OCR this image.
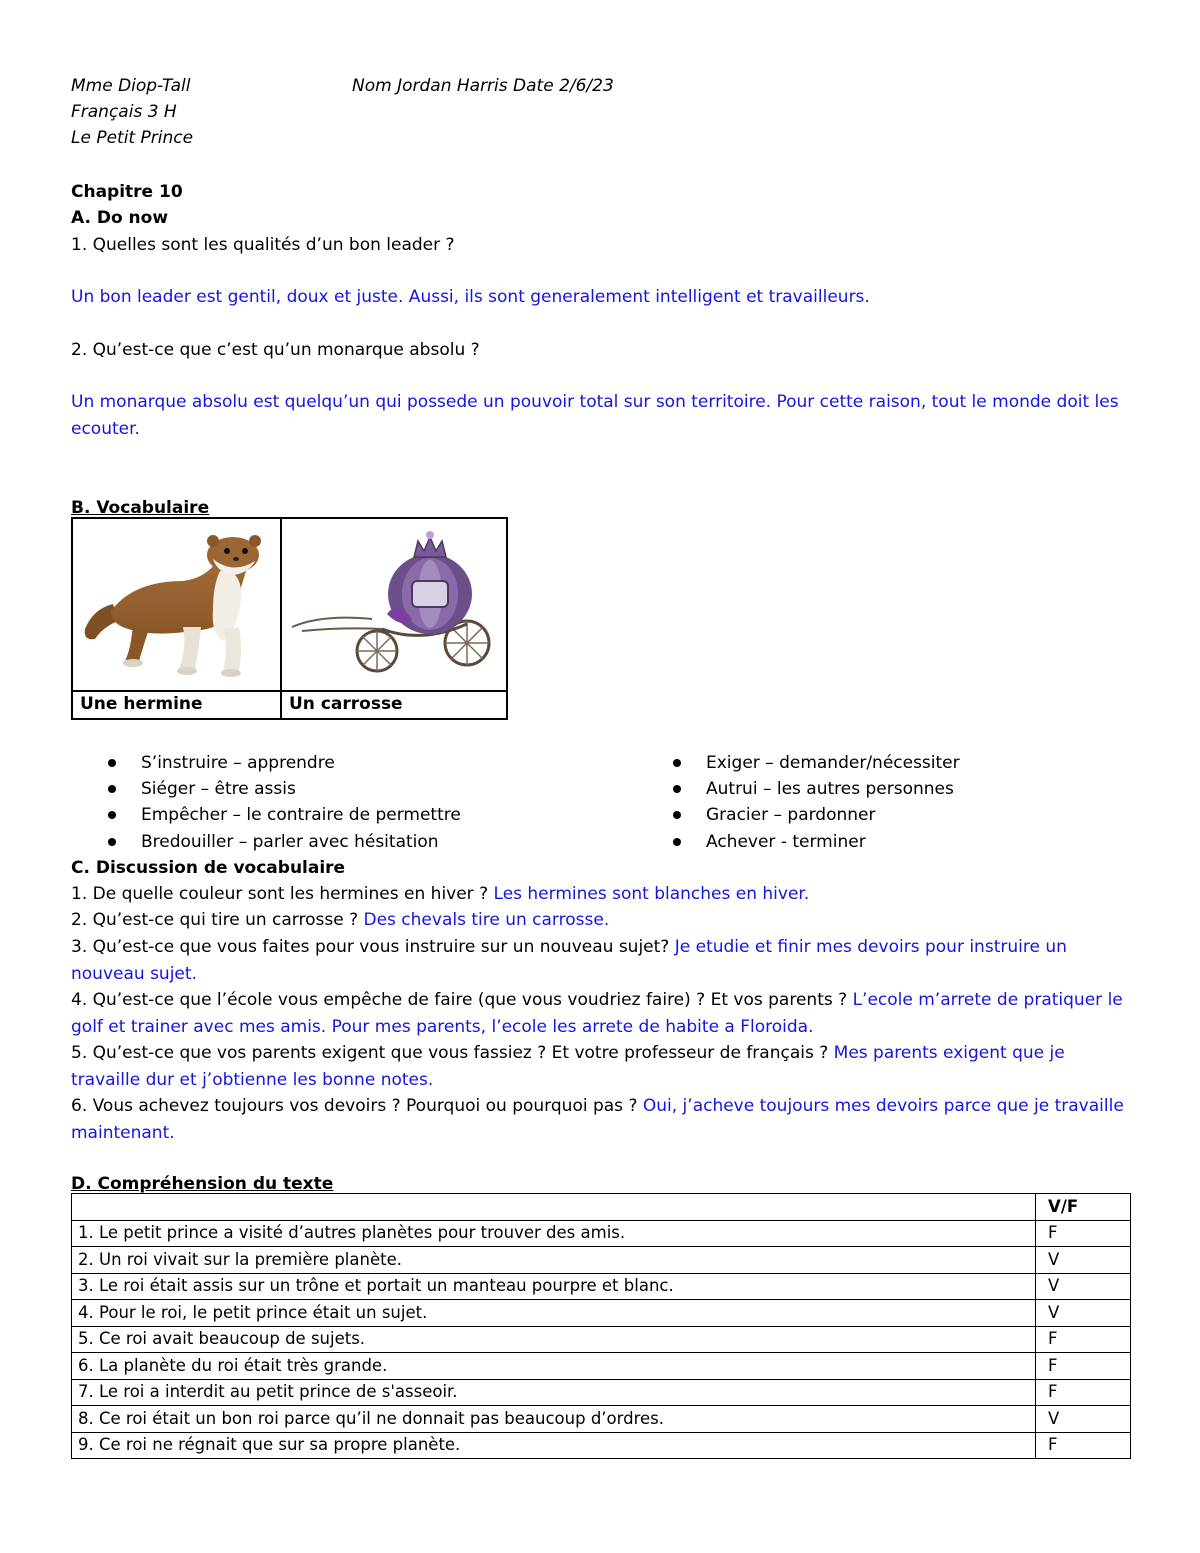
Mme Diop-Tall	Nom Jordan Harris Date 2/6/23
Français 3 H
Le Petit Prince
Chapitre 10
A. Do now
1. Quelles sont les qualités d’un bon leader ?
Un bon leader est gentil, doux et juste. Aussi, ils sont generalement intelligent et travailleurs.
2. Qu’est-ce que c’est qu’un monarque absolu ?
Un monarque absolu est quelqu’un qui possede un pouvoir total sur son territoire. Pour cette raison, tout le monde doit les ecouter.
B. Vocabulaire
Une hermine	Un carrosse
S’instruire – apprendre
Siéger – être assis
Empêcher – le contraire de permettre
Bredouiller – parler avec hésitation
Exiger – demander/nécessiter
Autrui – les autres personnes
Gracier – pardonner
Achever - terminer
C. Discussion de vocabulaire
1. De quelle couleur sont les hermines en hiver ? Les hermines sont blanches en hiver.
2. Qu’est-ce qui tire un carrosse ? Des chevals tire un carrosse.
3. Qu’est-ce que vous faites pour vous instruire sur un nouveau sujet? Je etudie et finir mes devoirs pour instruire un nouveau sujet.
4. Qu’est-ce que l’école vous empêche de faire (que vous voudriez faire) ? Et vos parents ? L’ecole m’arrete de pratiquer le golf et trainer avec mes amis. Pour mes parents, l’ecole les arrete de habite a Floroida.
5. Qu’est-ce que vos parents exigent que vous fassiez ? Et votre professeur de français ? Mes parents exigent que je travaille dur et j’obtienne les bonne notes.
6. Vous achevez toujours vos devoirs ? Pourquoi ou pourquoi pas ? Oui, j’acheve toujours mes devoirs parce que je travaille maintenant.
D. Compréhension du texte
	V/F
1. Le petit prince a visité d’autres planètes pour trouver des amis.	F
2. Un roi vivait sur la première planète.	V
3. Le roi était assis sur un trône et portait un manteau pourpre et blanc.	V
4. Pour le roi, le petit prince était un sujet.	V
5. Ce roi avait beaucoup de sujets.	F
6. La planète du roi était très grande.	F
7. Le roi a interdit au petit prince de s'asseoir.	F
8. Ce roi était un bon roi parce qu’il ne donnait pas beaucoup d’ordres.	V
9. Ce roi ne régnait que sur sa propre planète.	F
